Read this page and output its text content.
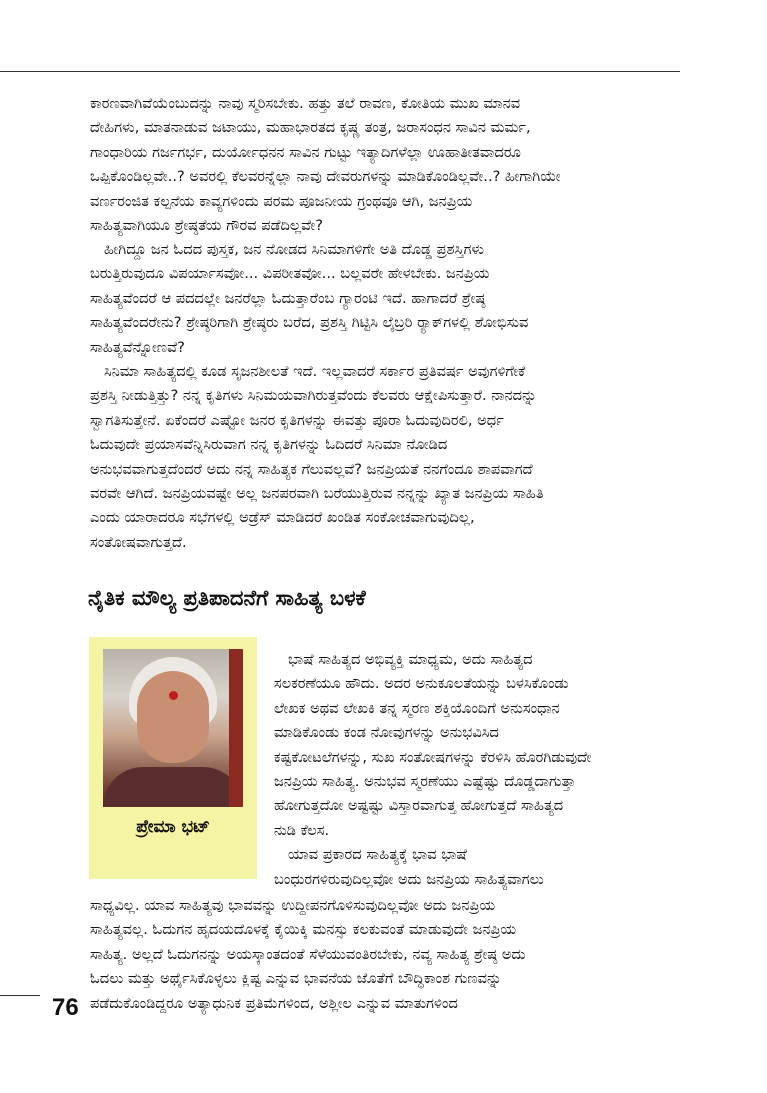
ಕಾರಣವಾಗಿವೆಯೆಂಬುದನ್ನು ನಾವು ಸ್ಮರಿಸಬೇಕು. ಹತ್ತು ತಲೆ ರಾವಣ, ಕೋತಿಯ ಮುಖ ಮಾನವ
ದೇಹಿಗಳು, ಮಾತನಾಡುವ ಜಟಾಯು, ಮಹಾಭಾರತದ ಕೃಷ್ಣ ತಂತ್ರ, ಜರಾಸಂಧನ ಸಾವಿನ ಮರ್ಮ,
ಗಾಂಧಾರಿಯ ಗರ್ಜಗರ್ಭ, ದುರ್ಯೋಧನನ ಸಾವಿನ ಗುಟ್ಟು ಇತ್ಯಾದಿಗಳೆಲ್ಲಾ ಊಹಾತೀತವಾದರೂ
ಒಪ್ಪಿಕೊಂಡಿಲ್ಲವೇ..? ಅವರಲ್ಲಿ ಕೆಲವರನ್ನೆಲ್ಲಾ ನಾವು ದೇವರುಗಳನ್ನು ಮಾಡಿಕೊಂಡಿಲ್ಲವೇ..? ಹೀಗಾಗಿಯೇ
ವರ್ಣರಂಜಿತ ಕಲ್ಪನೆಯ ಕಾವ್ಯಗಳಿಂದು ಪರಮ ಪೂಜನೀಯ ಗ್ರಂಥವೂ ಆಗಿ, ಜನಪ್ರಿಯ
ಸಾಹಿತ್ಯವಾಗಿಯೂ ಶ್ರೇಷ್ಠತೆಯ ಗೌರವ ಪಡೆದಿಲ್ಲವೇ?
ಹೀಗಿದ್ದೂ ಜನ ಓದದ ಪುಸ್ತಕ, ಜನ ನೋಡದ ಸಿನಿಮಾಗಳಿಗೇ ಅತಿ ದೊಡ್ಡ ಪ್ರಶಸ್ತಿಗಳು
ಬರುತ್ತಿರುವುದೂ ವಿಪರ್ಯಾಸವೋ... ವಿಪರೀತವೋ... ಬಲ್ಲವರೇ ಹೇಳಬೇಕು. ಜನಪ್ರಿಯ
ಸಾಹಿತ್ಯವೆಂದರೆ ಆ ಪದದಲ್ಲೇ ಜನರೆಲ್ಲಾ ಓದುತ್ತಾರೆಂಬ ಗ್ಯಾರಂಟಿ ಇದೆ. ಹಾಗಾದರೆ ಶ್ರೇಷ್ಠ
ಸಾಹಿತ್ಯವೆಂದರೇನು? ಶ್ರೇಷ್ಠರಿಗಾಗಿ ಶ್ರೇಷ್ಠರು ಬರೆದ, ಪ್ರಶಸ್ತಿ ಗಿಟ್ಟಿಸಿ ಲೈಬ್ರರಿ ರ‍್ಯಾಕ್‌ಗಳಲ್ಲಿ ಶೋಭಿಸುವ
ಸಾಹಿತ್ಯವೆನ್ನೋಣವೆ?
ಸಿನಿಮಾ ಸಾಹಿತ್ಯದಲ್ಲಿ ಕೂಡ ಸೃಜನಶೀಲತೆ ಇದೆ. ಇಲ್ಲವಾದರೆ ಸರ್ಕಾರ ಪ್ರತಿವರ್ಷ ಅವುಗಳಿಗೇಕೆ
ಪ್ರಶಸ್ತಿ ನೀಡುತ್ತಿತ್ತು? ನನ್ನ ಕೃತಿಗಳು ಸಿನಿಮಯವಾಗಿರುತ್ತವೆಂದು ಕೆಲವರು ಆಕ್ಷೇಪಿಸುತ್ತಾರೆ. ನಾನದನ್ನು
ಸ್ವಾಗತಿಸುತ್ತೇನೆ. ಏಕೆಂದರೆ ಎಷ್ಟೋ ಜನರ ಕೃತಿಗಳನ್ನು ಈವತ್ತು ಪೂರಾ ಓದುವುದಿರಲಿ, ಅರ್ಧ
ಓದುವುದೇ ಪ್ರಯಾಸವೆನ್ನಿಸಿರುವಾಗ ನನ್ನ ಕೃತಿಗಳನ್ನು ಓದಿದರೆ ಸಿನಿಮಾ ನೋಡಿದ
ಅನುಭವವಾಗುತ್ತದೆಂದರೆ ಅದು ನನ್ನ ಸಾಹಿತ್ಯಕ ಗೆಲುವಲ್ಲವೆ? ಜನಪ್ರಿಯತೆ ನನಗೆಂದೂ ಶಾಪವಾಗದೆ
ವರವೇ ಆಗಿದೆ. ಜನಪ್ರಿಯವಷ್ಟೇ ಅಲ್ಲ ಜನಪರವಾಗಿ ಬರೆಯುತ್ತಿರುವ ನನ್ನನ್ನು ಖ್ಯಾತ ಜನಪ್ರಿಯ ಸಾಹಿತಿ
ಎಂದು ಯಾರಾದರೂ ಸಭೆಗಳಲ್ಲಿ ಅಡ್ರೆಸ್ ಮಾಡಿದರೆ ಖಂಡಿತ ಸಂಕೋಚವಾಗುವುದಿಲ್ಲ,
ಸಂತೋಷವಾಗುತ್ತದೆ.
ನೈತಿಕ ಮೌಲ್ಯ ಪ್ರತಿಪಾದನೆಗೆ ಸಾಹಿತ್ಯ ಬಳಕೆ
ಪ್ರೇಮಾ ಭಟ್
ಭಾಷೆ ಸಾಹಿತ್ಯದ ಅಭಿವ್ಯಕ್ತಿ ಮಾಧ್ಯಮ, ಅದು ಸಾಹಿತ್ಯದ
ಸಲಕರಣೆಯೂ ಹೌದು. ಅದರ ಅನುಕೂಲತೆಯನ್ನು ಬಳಸಿಕೊಂಡು
ಲೇಖಕ ಅಥವ ಲೇಖಕಿ ತನ್ನ ಸ್ಮರಣ ಶಕ್ತಿಯೊಂದಿಗೆ ಅನುಸಂಧಾನ
ಮಾಡಿಕೊಂಡು ಕಂಡ ನೋವುಗಳನ್ನು ಅನುಭವಿಸಿದ
ಕಷ್ಟಕೋಟಲೆಗಳನ್ನು, ಸುಖ ಸಂತೋಷಗಳನ್ನು ಕೆರಳಿಸಿ ಹೊರಗಿಡುವುದೇ
ಜನಪ್ರಿಯ ಸಾಹಿತ್ಯ. ಅನುಭವ ಸ್ಮರಣೆಯು ಎಷ್ಟೆಷ್ಟು ದೊಡ್ಡದಾಗುತ್ತಾ
ಹೋಗುತ್ತದೋ ಅಷ್ಟಷ್ಟು ವಿಸ್ತಾರವಾಗುತ್ತ ಹೋಗುತ್ತದೆ ಸಾಹಿತ್ಯದ
ನುಡಿ ಕೆಲಸ.
ಯಾವ ಪ್ರಕಾರದ ಸಾಹಿತ್ಯಕ್ಕೆ ಭಾವ ಭಾಷೆ
ಬಂಧುರಗಳಿರುವುದಿಲ್ಲವೋ ಅದು ಜನಪ್ರಿಯ ಸಾಹಿತ್ಯವಾಗಲು
ಸಾಧ್ಯವಿಲ್ಲ. ಯಾವ ಸಾಹಿತ್ಯವು ಭಾವವನ್ನು ಉದ್ದೀಪನಗೊಳಿಸುವುದಿಲ್ಲವೋ ಅದು ಜನಪ್ರಿಯ
ಸಾಹಿತ್ಯವಲ್ಲ. ಓದುಗನ ಹೃದಯದೊಳಕ್ಕೆ ಕೈಯಿಕ್ಕಿ ಮನಸ್ಸು ಕಲಕುವಂತೆ ಮಾಡುವುದೇ ಜನಪ್ರಿಯ
ಸಾಹಿತ್ಯ. ಅಲ್ಲದೆ ಓದುಗನನ್ನು ಅಯಸ್ಕಾಂತದಂತೆ ಸೆಳೆಯುವಂತಿರಬೇಕು, ನವ್ಯ ಸಾಹಿತ್ಯ ಶ್ರೇಷ್ಠ ಅದು
ಓದಲು ಮತ್ತು ಅರ್ಥೈಸಿಕೊಳ್ಳಲು ಕ್ಲಿಷ್ಟ ಎನ್ನುವ ಭಾವನೆಯ ಜೊತೆಗೆ ಬೌದ್ಧಿಕಾಂಶ ಗುಣವನ್ನು
ಪಡೆದುಕೊಂಡಿದ್ದರೂ ಅತ್ಯಾಧುನಿಕ ಪ್ರತಿಮೆಗಳಿಂದ, ಅಶ್ಲೀಲ ಎನ್ನುವ ಮಾತುಗಳಿಂದ
76
